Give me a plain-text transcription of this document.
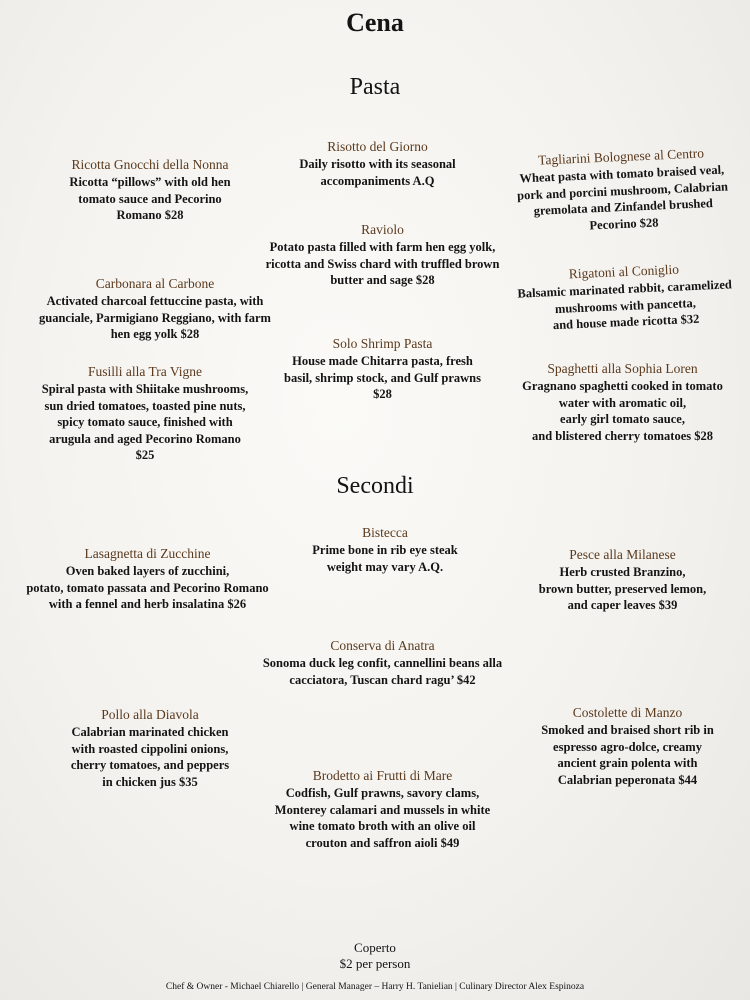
Cena
Pasta
Ricotta Gnocchi della Nonna
Ricotta “pillows” with old hen
tomato sauce and Pecorino
Romano $28
Risotto del Giorno
Daily risotto with its seasonal
accompaniments A.Q
Tagliarini Bolognese al Centro
Wheat pasta with tomato braised veal,
pork and porcini mushroom, Calabrian
gremolata and Zinfandel brushed
Pecorino $28
Raviolo
Potato pasta filled with farm hen egg yolk,
ricotta and Swiss chard with truffled brown
butter and sage $28
Carbonara al Carbone
Activated charcoal fettuccine pasta, with
guanciale, Parmigiano Reggiano, with farm
hen egg yolk $28
Rigatoni al Coniglio
Balsamic marinated rabbit, caramelized
mushrooms with pancetta,
and house made ricotta $32
Solo Shrimp Pasta
House made Chitarra pasta, fresh
basil, shrimp stock, and Gulf prawns
$28
Fusilli alla Tra Vigne
Spiral pasta with Shiitake mushrooms,
sun dried tomatoes, toasted pine nuts,
spicy tomato sauce, finished with
arugula and aged Pecorino Romano
$25
Spaghetti alla Sophia Loren
Gragnano spaghetti cooked in tomato
water with aromatic oil,
early girl tomato sauce,
and blistered cherry tomatoes $28
Secondi
Bistecca
Prime bone in rib eye steak
weight may vary A.Q.
Lasagnetta di Zucchine
Oven baked layers of zucchini,
potato, tomato passata and Pecorino Romano
with a fennel and herb insalatina $26
Pesce alla Milanese
Herb crusted Branzino,
brown butter, preserved lemon,
and caper leaves $39
Conserva di Anatra
Sonoma duck leg confit, cannellini beans alla
cacciatora, Tuscan chard ragu’ $42
Pollo alla Diavola
Calabrian marinated chicken
with roasted cippolini onions,
cherry tomatoes, and peppers
in chicken jus $35
Costolette di Manzo
Smoked and braised short rib in
espresso agro-dolce, creamy
ancient grain polenta with
Calabrian peperonata $44
Brodetto ai Frutti di Mare
Codfish, Gulf prawns, savory clams,
Monterey calamari and mussels in white
wine tomato broth with an olive oil
crouton and saffron aioli $49
Coperto
$2 per person
Chef & Owner - Michael Chiarello | General Manager – Harry H. Tanielian | Culinary Director Alex Espinoza
